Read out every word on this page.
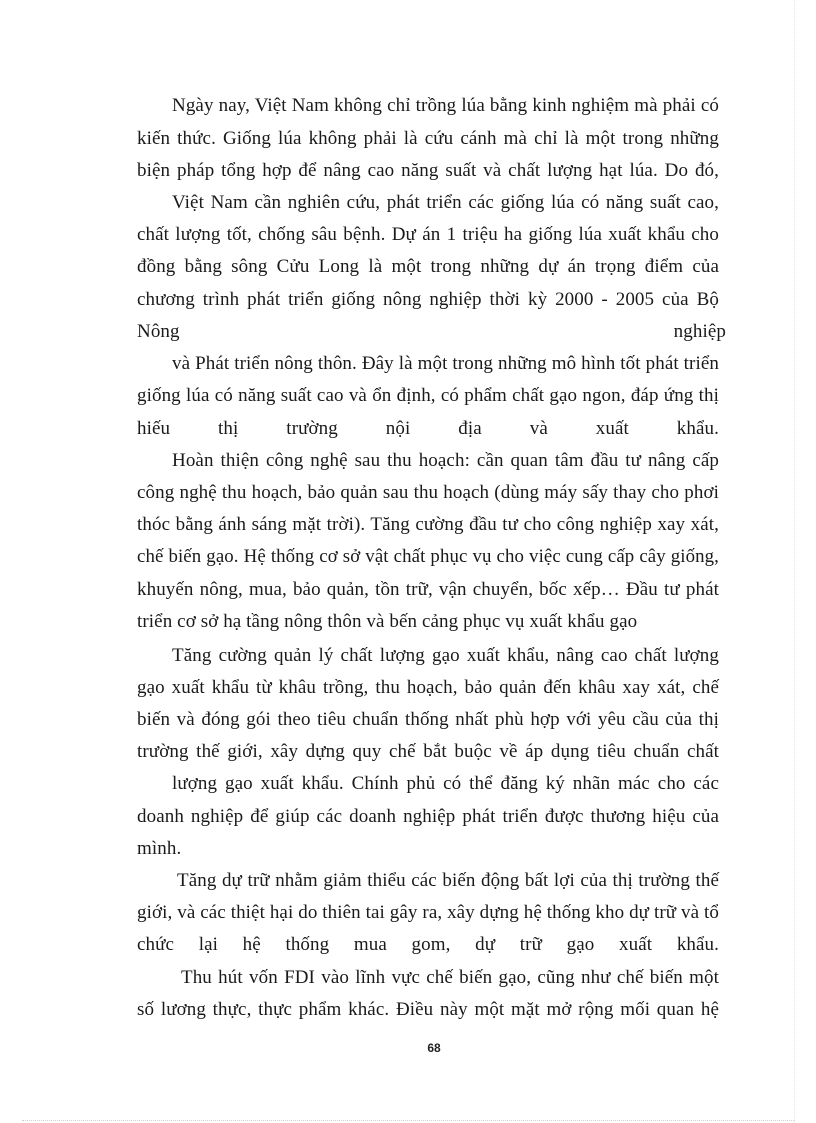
Ngày nay, Việt Nam không chỉ trồng lúa bằng kinh nghiệm mà phải có
kiến thức. Giống lúa không phải là cứu cánh mà chỉ là một trong những
biện pháp tổng hợp để nâng cao năng suất và chất lượng hạt lúa. Do đó,
Việt Nam cần nghiên cứu, phát triển các giống lúa có năng suất cao,
chất lượng tốt, chống sâu bệnh. Dự án 1 triệu ha giống lúa xuất khẩu cho
đồng bằng sông Cửu Long là một trong những dự án trọng điểm của
chương trình phát triển giống nông nghiệp thời kỳ 2000 - 2005 của Bộ
Nông nghiệp
và Phát triển nông thôn. Đây là một trong những mô hình tốt phát triển
giống lúa có năng suất cao và ổn định, có phẩm chất gạo ngon, đáp ứng thị
hiếu thị trường nội địa và xuất khẩu.
Hoàn thiện công nghệ sau thu hoạch: cần quan tâm đầu tư nâng cấp
công nghệ thu hoạch, bảo quản sau thu hoạch (dùng máy sấy thay cho phơi
thóc bằng ánh sáng mặt trời). Tăng cường đầu tư cho công nghiệp xay xát,
chế biến gạo. Hệ thống cơ sở vật chất phục vụ cho việc cung cấp cây giống,
khuyến nông, mua, bảo quản, tồn trữ, vận chuyển, bốc xếp… Đầu tư phát
triển cơ sở hạ tầng nông thôn và bến cảng phục vụ xuất khẩu gạo
Tăng cường quản lý chất lượng gạo xuất khẩu, nâng cao chất lượng
gạo xuất khẩu từ khâu trồng, thu hoạch, bảo quản đến khâu xay xát, chế
biến và đóng gói theo tiêu chuẩn thống nhất phù hợp với yêu cầu của thị
trường thế giới, xây dựng quy chế bắt buộc về áp dụng tiêu chuẩn chất
lượng gạo xuất khẩu. Chính phủ có thể đăng ký nhãn mác cho các
doanh nghiệp để giúp các doanh nghiệp phát triển được thương hiệu của
mình.
Tăng dự trữ nhằm giảm thiểu các biến động bất lợi của thị trường thế
giới, và các thiệt hại do thiên tai gây ra, xây dựng hệ thống kho dự trữ và tổ
chức lại hệ thống mua gom, dự trữ gạo xuất khẩu.
Thu hút vốn FDI vào lĩnh vực chế biến gạo, cũng như chế biến một
số lương thực, thực phẩm khác. Điều này một mặt mở rộng mối quan hệ
68
